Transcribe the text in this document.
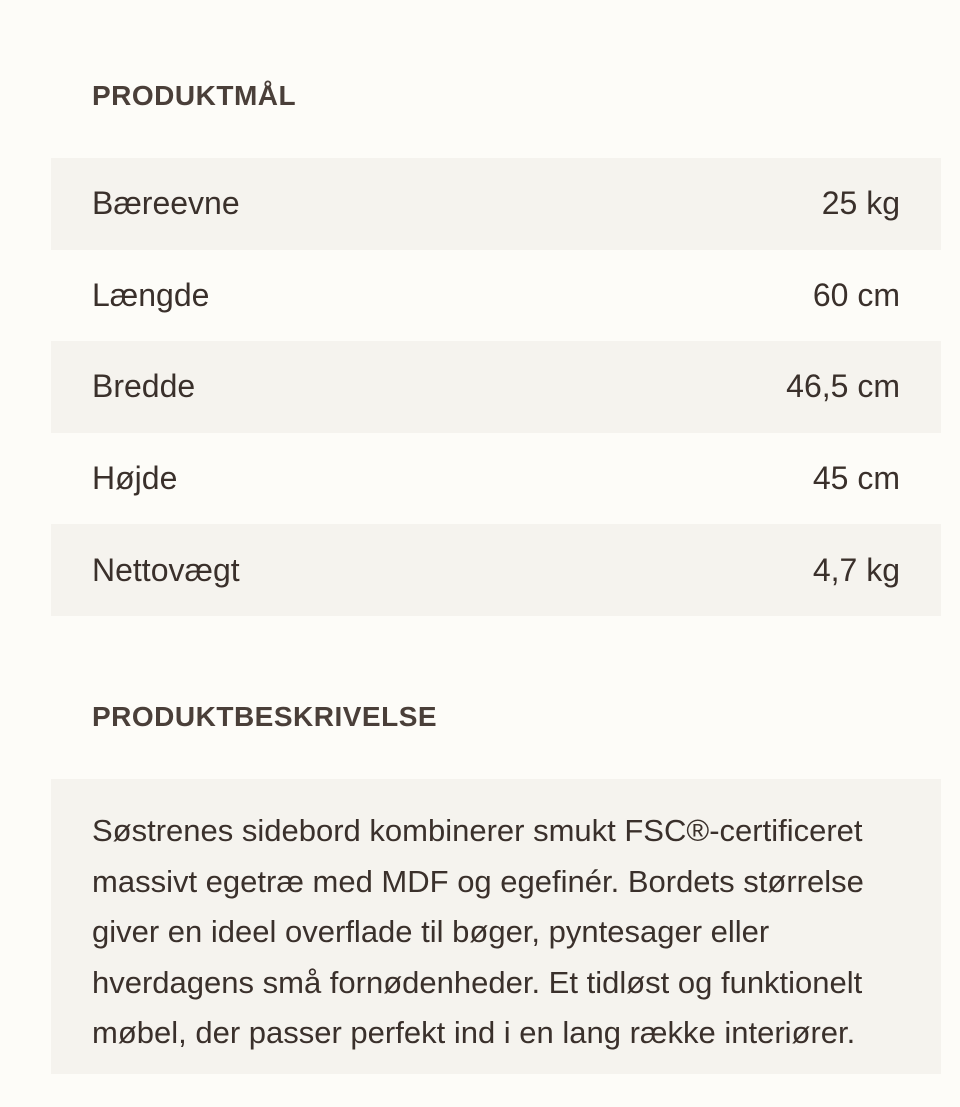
PRODUKTMÅL
Bæreevne	25 kg
Længde	60 cm
Bredde	46,5 cm
Højde	45 cm
Nettovægt	4,7 kg
PRODUKTBESKRIVELSE

Søstrenes sidebord kombinerer smukt FSC®-certificeret massivt egetræ med MDF og egefinér. Bordets størrelse giver en ideel overflade til bøger, pyntesager eller hverdagens små fornødenheder. Et tidløst og funktionelt møbel, der passer perfekt ind i en lang række interiører.
